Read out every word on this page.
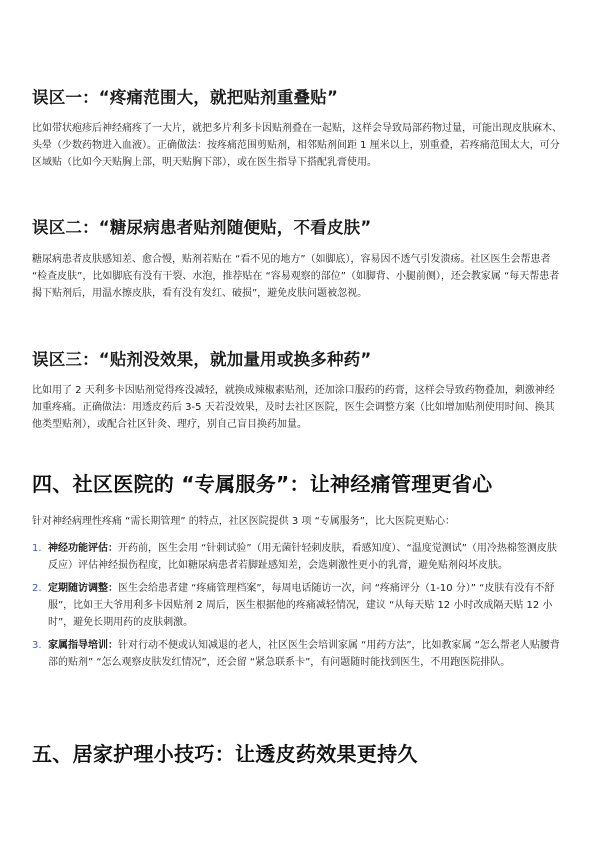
误区一：“疼痛范围大，就把贴剂重叠贴”

比如带状疱疹后神经痛疼了一大片，就把多片利多卡因贴剂叠在一起贴，这样会导致局部药物过量，可能出现皮肤麻木、头晕（少数药物进入血液）。正确做法：按疼痛范围剪贴剂，相邻贴剂间距 1 厘米以上，别重叠，若疼痛范围太大，可分区域贴（比如今天贴胸上部，明天贴胸下部），或在医生指导下搭配乳膏使用。

误区二：“糖尿病患者贴剂随便贴，不看皮肤”

糖尿病患者皮肤感知差、愈合慢，贴剂若贴在 “看不见的地方”（如脚底），容易因不透气引发溃疡。社区医生会帮患者 “检查皮肤”，比如脚底有没有干裂、水泡，推荐贴在 “容易观察的部位”（如脚背、小腿前侧），还会教家属 “每天帮患者揭下贴剂后，用温水擦皮肤，看有没有发红、破损”，避免皮肤问题被忽视。

误区三：“贴剂没效果，就加量用或换多种药”

比如用了 2 天利多卡因贴剂觉得疼没减轻，就换成辣椒素贴剂，还加涂口服药的药膏，这样会导致药物叠加，刺激神经加重疼痛。正确做法：用透皮药后 3-5 天若没效果，及时去社区医院，医生会调整方案（比如增加贴剂使用时间、换其他类型贴剂），或配合社区针灸、理疗，别自己盲目换药加量。

四、社区医院的 “专属服务”：让神经痛管理更省心

针对神经病理性疼痛 “需长期管理” 的特点，社区医院提供 3 项 “专属服务”，比大医院更贴心：

1. 神经功能评估：开药前，医生会用 “针刺试验”（用无菌针轻刺皮肤，看感知度）、“温度觉测试”（用冷热棉签测皮肤反应）评估神经损伤程度，比如糖尿病患者若脚趾感知差，会选刺激性更小的乳膏，避免贴剂闷坏皮肤。
2. 定期随访调整：医生会给患者建 “疼痛管理档案”，每周电话随访一次，问 “疼痛评分（1-10 分）” “皮肤有没有不舒服”，比如王大爷用利多卡因贴剂 2 周后，医生根据他的疼痛减轻情况，建议 “从每天贴 12 小时改成隔天贴 12 小时”，避免长期用药的皮肤刺激。
3. 家属指导培训：针对行动不便或认知减退的老人，社区医生会培训家属 “用药方法”，比如教家属 “怎么帮老人贴腰背部的贴剂” “怎么观察皮肤发红情况”，还会留 “紧急联系卡”，有问题随时能找到医生，不用跑医院排队。
五、居家护理小技巧：让透皮药效果更持久
